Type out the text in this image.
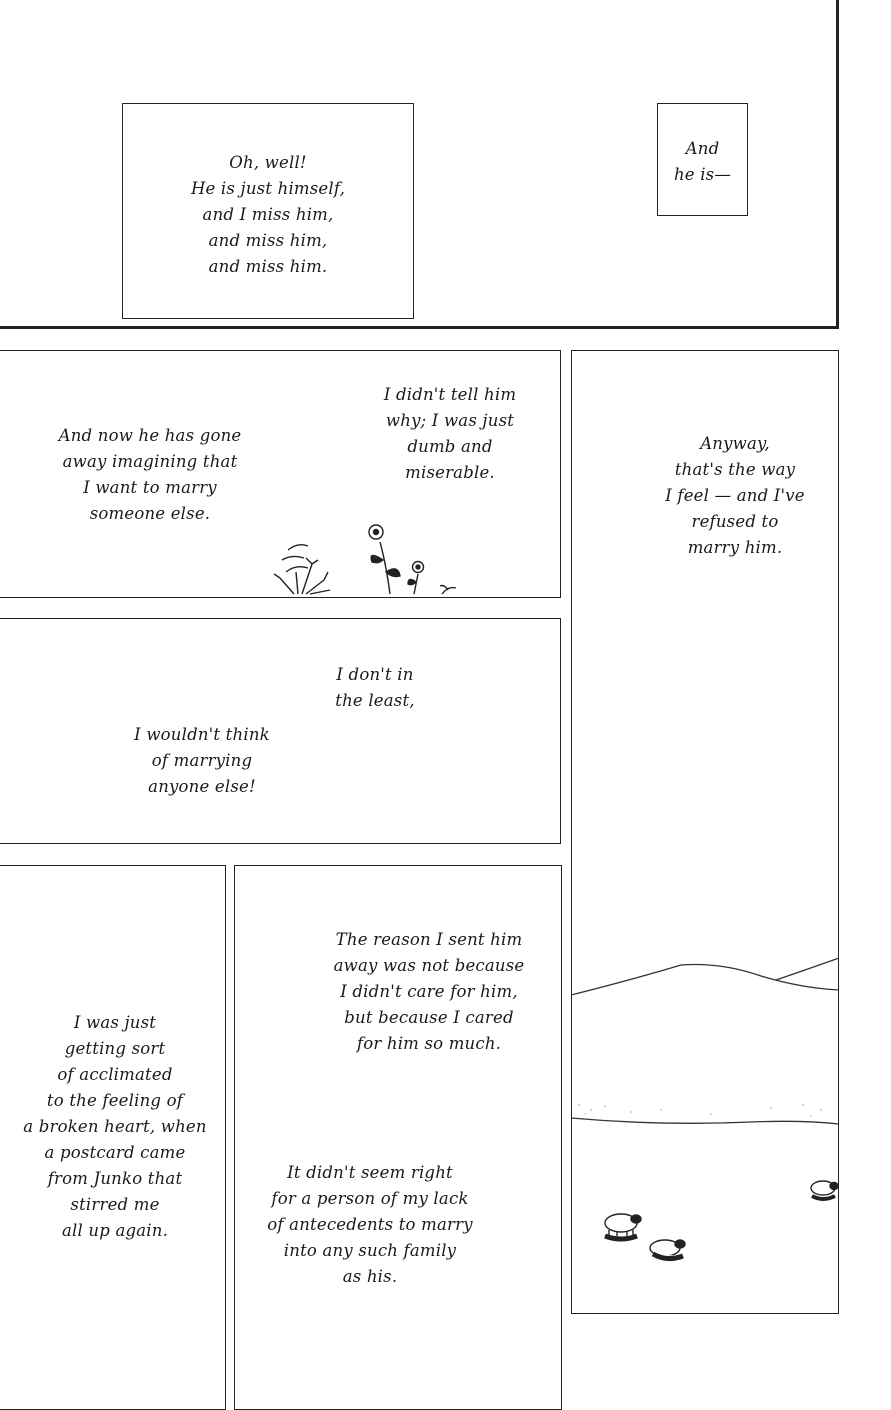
Oh, well!
He is just himself,
and I miss him,
and miss him,
and miss him.
And
he is—
And now he has gone
away imagining that
I want to marry
someone else.
I didn't tell him
why; I was just
dumb and
miserable.
I don't in
the least,
I wouldn't think
of marrying
anyone else!
I was just
getting sort
of acclimated
to the feeling of
a broken heart, when
a postcard came
from Junko that
stirred me
all up again.
The reason I sent him
away was not because
I didn't care for him,
but because I cared
for him so much.
It didn't seem right
for a person of my lack
of antecedents to marry
into any such family
as his.
Anyway,
that's the way
I feel — and I've
refused to
marry him.
